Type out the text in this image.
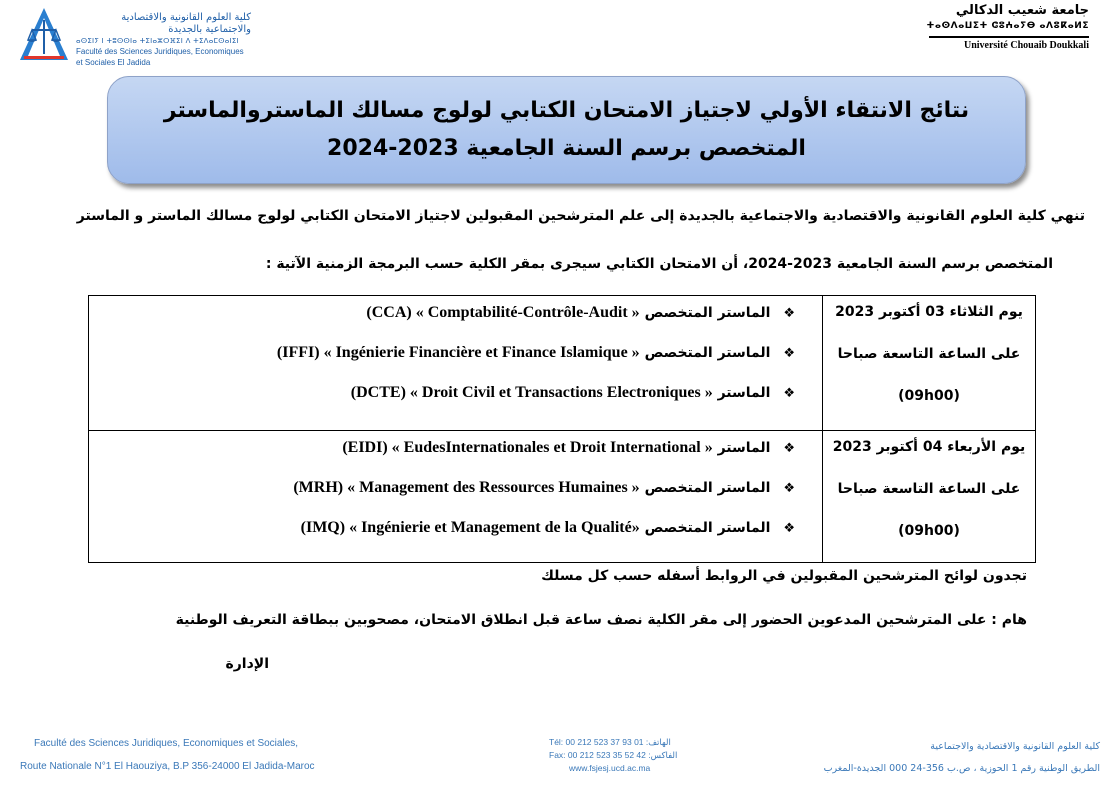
كلية العلوم القانونية والاقتصادية والاجتماعية بالجديدة
ⴰⵙⵉⵏⵢ ⵏ ⵜⵓⵙⵙⵏⴰ ⵜⵉⵏⴰⵣⵔⴼⵉⵏ ⴷ ⵜⵉⴷⴰⵎⵙⴰⵏⵉⵏ
Faculté des Sciences Juridiques, Economiques et Sociales El Jadida
جامعة شعيب الدكالي
ⵜⴰⵙⴷⴰⵡⵉⵜ ⵛⵓⵄⴰⵢⴱ ⴰⴷⵓⴽⴰⵍⵉ
Université Chouaib Doukkali
نتائج الانتقاء الأولي لاجتياز الامتحان الكتابي لولوج مسالك الماستروالماستر المتخصص برسم السنة الجامعية 2023-2024
تنهي كلية العلوم القانونية والاقتصادية والاجتماعية بالجديدة إلى علم المترشحين المقبولين لاجتياز الامتحان الكتابي لولوج مسالك الماستر و الماستر
المتخصص برسم السنة الجامعية 2023-2024، أن الامتحان الكتابي سيجرى بمقر الكلية حسب البرمجة الزمنية الآتية :
يوم الثلاثاء 03 أكتوبر 2023
على الساعة التاسعة صباحا
(09h00)
❖ الماستر المتخصص (CCA) « Comptabilité-Contrôle-Audit »
❖ الماستر المتخصص (IFFI) « Ingénierie Financière et Finance Islamique »
❖ الماستر (DCTE) « Droit Civil et Transactions Electroniques »
يوم الأربعاء 04 أكتوبر 2023
على الساعة التاسعة صباحا
(09h00)
❖ الماستر (EIDI) « EudesInternationales et Droit International »
❖ الماستر المتخصص (MRH) « Management des Ressources Humaines »
❖ الماستر المتخصص (IMQ) « Ingénierie et Management de la Qualité»
تجدون لوائح المترشحين المقبولين في الروابط أسفله حسب كل مسلك
هام : على المترشحين المدعوين الحضور إلى مقر الكلية نصف ساعة قبل انطلاق الامتحان، مصحوبين ببطاقة التعريف الوطنية
الإدارة
Faculté des Sciences Juridiques, Economiques et Sociales,
Route Nationale N°1 El Haouziya, B.P 356-24000 El Jadida-Maroc
Tél: 00 212 523 37 93 01 :الهاتف
Fax: 00 212 523 35 52 42 :الفاكس
www.fsjesj.ucd.ac.ma
كلية العلوم القانونية والاقتصادية والاجتماعية
الطريق الوطنية رقم 1 الحوزية ، ص.ب 356-24 000 الجديدة-المغرب
